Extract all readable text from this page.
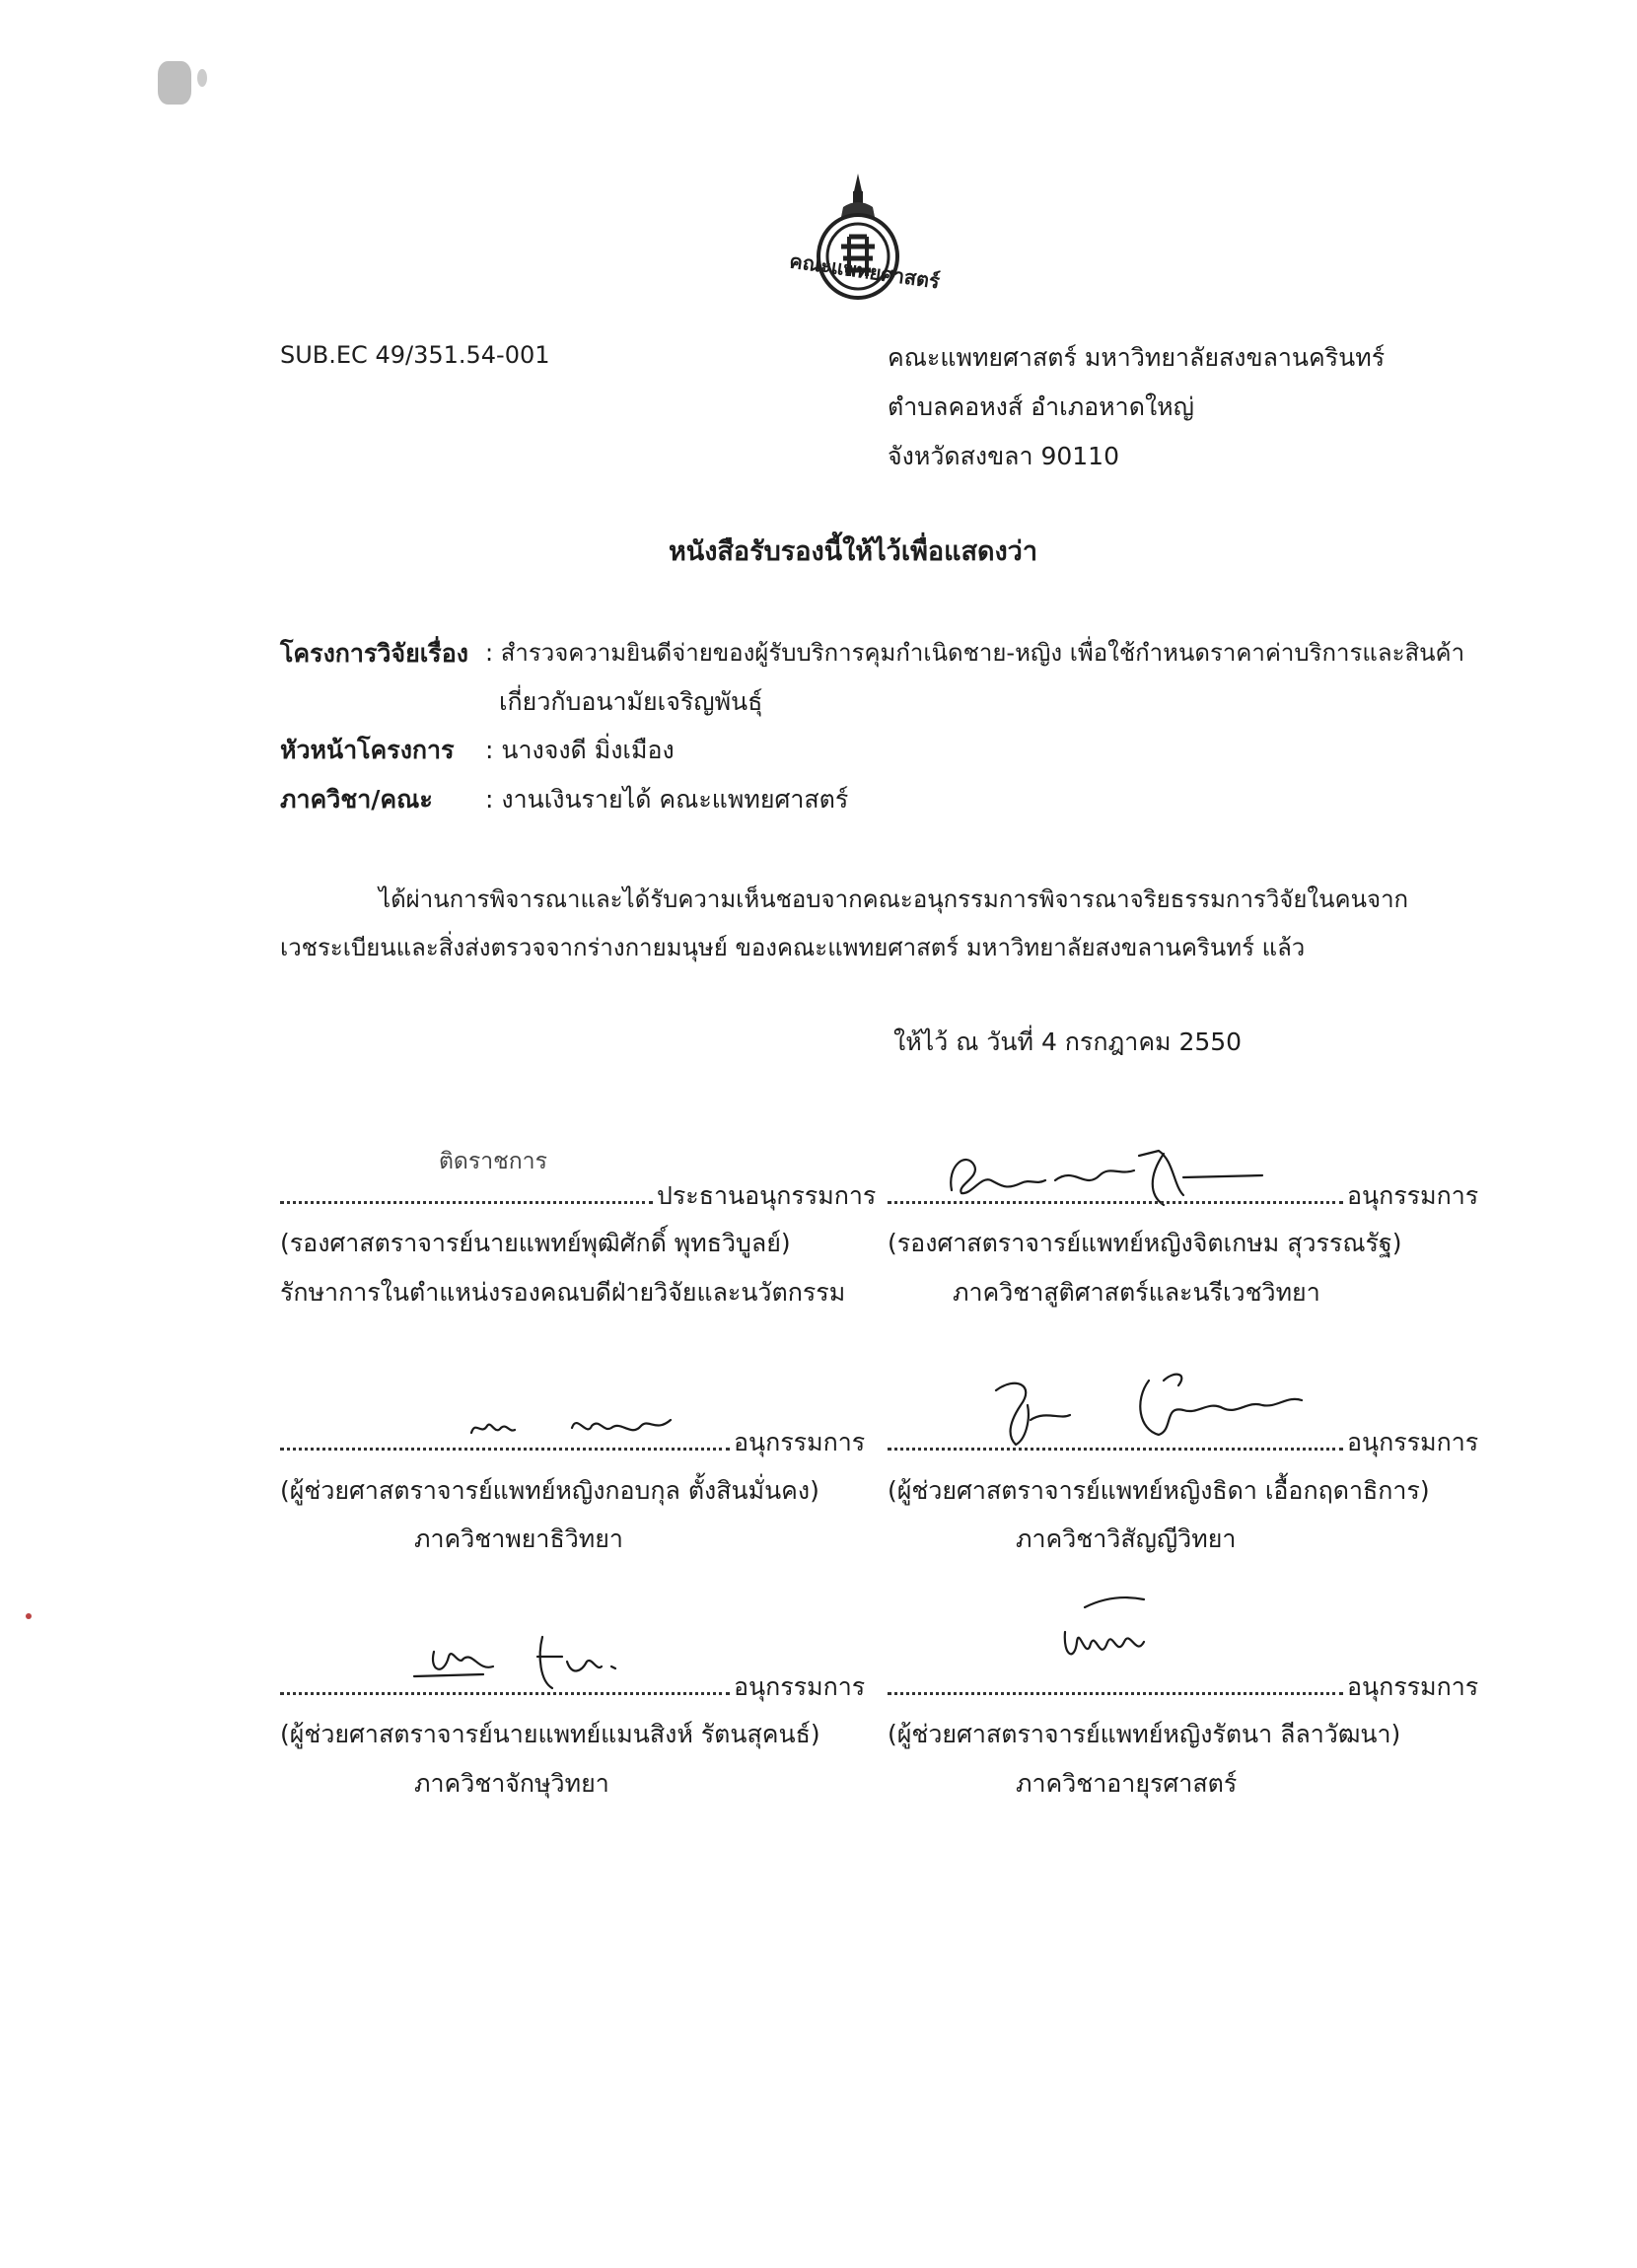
คณะแพทยศาสตร์
SUB.EC 49/351.54-001	คณะแพทยศาสตร์ มหาวิทยาลัยสงขลานครินทร์
ตำบลคอหงส์ อำเภอหาดใหญ่
จังหวัดสงขลา 90110
หนังสือรับรองนี้ให้ไว้เพื่อแสดงว่า
โครงการวิจัยเรื่อง : สำรวจความยินดีจ่ายของผู้รับบริการคุมกำเนิดชาย-หญิง เพื่อใช้กำหนดราคาค่าบริการและสินค้า
เกี่ยวกับอนามัยเจริญพันธุ์
หัวหน้าโครงการ : นางจงดี มิ่งเมือง
ภาควิชา/คณะ : งานเงินรายได้ คณะแพทยศาสตร์
ได้ผ่านการพิจารณาและได้รับความเห็นชอบจากคณะอนุกรรมการพิจารณาจริยธรรมการวิจัยในคนจาก
เวชระเบียนและสิ่งส่งตรวจจากร่างกายมนุษย์ ของคณะแพทยศาสตร์ มหาวิทยาลัยสงขลานครินทร์ แล้ว
ให้ไว้ ณ วันที่ 4 กรกฎาคม 2550
ติดราชการ
ประธานอนุกรรมการ
(รองศาสตราจารย์นายแพทย์พุฒิศักดิ์ พุทธวิบูลย์)
รักษาการในตำแหน่งรองคณบดีฝ่ายวิจัยและนวัตกรรม
อนุกรรมการ
(รองศาสตราจารย์แพทย์หญิงจิตเกษม สุวรรณรัฐ)
ภาควิชาสูติศาสตร์และนรีเวชวิทยา
อนุกรรมการ
(ผู้ช่วยศาสตราจารย์แพทย์หญิงกอบกุล ตั้งสินมั่นคง)
ภาควิชาพยาธิวิทยา
อนุกรรมการ
(ผู้ช่วยศาสตราจารย์แพทย์หญิงธิดา เอื้อกฤดาธิการ)
ภาควิชาวิสัญญีวิทยา
อนุกรรมการ
(ผู้ช่วยศาสตราจารย์นายแพทย์แมนสิงห์ รัตนสุคนธ์)
ภาควิชาจักษุวิทยา
อนุกรรมการ
(ผู้ช่วยศาสตราจารย์แพทย์หญิงรัตนา ลีลาวัฒนา)
ภาควิชาอายุรศาสตร์
